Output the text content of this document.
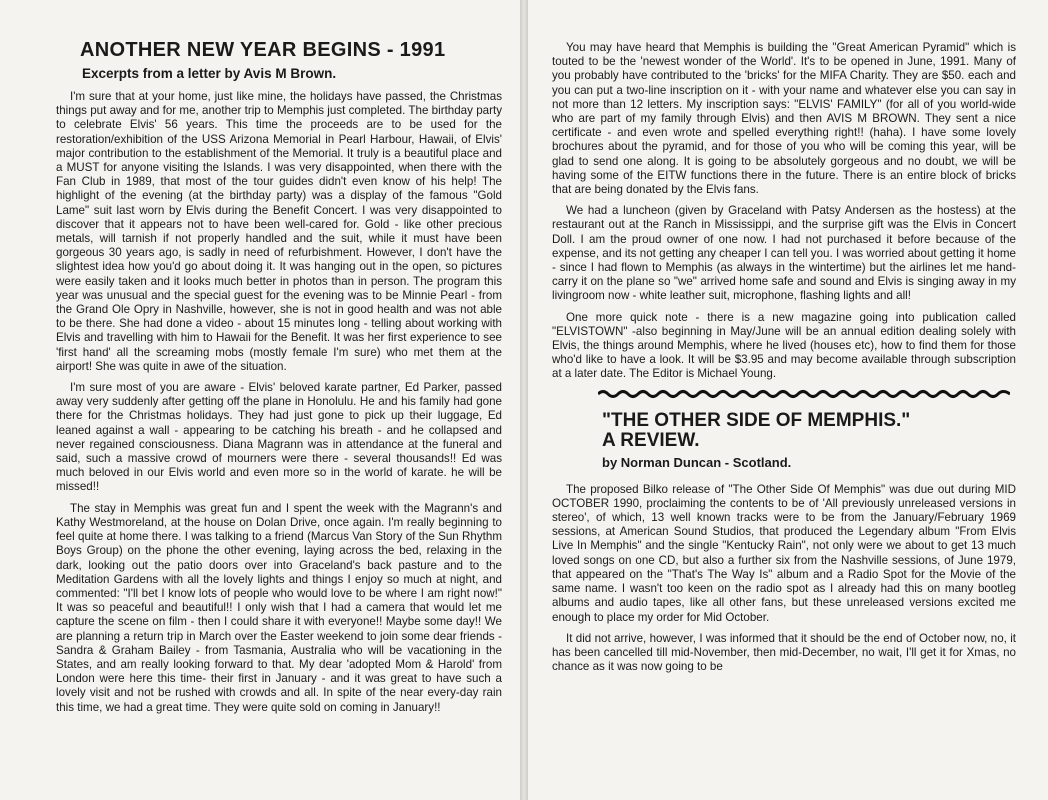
ANOTHER NEW YEAR BEGINS - 1991
Excerpts from a letter by Avis M Brown.

I'm sure that at your home, just like mine, the holidays have passed, the Christmas things put away and for me, another trip to Memphis just completed. The birthday party to celebrate Elvis' 56 years. This time the proceeds are to be used for the restoration/exhibition of the USS Arizona Memorial in Pearl Harbour, Hawaii, of Elvis' major contribution to the establishment of the Memorial. It truly is a beautiful place and a MUST for anyone visiting the Islands. I was very disappointed, when there with the Fan Club in 1989, that most of the tour guides didn't even know of his help! The highlight of the evening (at the birthday party) was a display of the famous "Gold Lame" suit last worn by Elvis during the Benefit Concert. I was very disappointed to discover that it appears not to have been well-cared for. Gold - like other precious metals, will tarnish if not properly handled and the suit, while it must have been gorgeous 30 years ago, is sadly in need of refurbishment. However, I don't have the slightest idea how you'd go about doing it. It was hanging out in the open, so pictures were easily taken and it looks much better in photos than in person. The program this year was unusual and the special guest for the evening was to be Minnie Pearl - from the Grand Ole Opry in Nashville, however, she is not in good health and was not able to be there. She had done a video - about 15 minutes long - telling about working with Elvis and travelling with him to Hawaii for the Benefit. It was her first experience to see 'first hand' all the screaming mobs (mostly female I'm sure) who met them at the airport! She was quite in awe of the situation.

I'm sure most of you are aware - Elvis' beloved karate partner, Ed Parker, passed away very suddenly after getting off the plane in Honolulu. He and his family had gone there for the Christmas holidays. They had just gone to pick up their luggage, Ed leaned against a wall - appearing to be catching his breath - and he collapsed and never regained consciousness. Diana Magrann was in attendance at the funeral and said, such a massive crowd of mourners were there - several thousands!! Ed was much beloved in our Elvis world and even more so in the world of karate. he will be missed!!

The stay in Memphis was great fun and I spent the week with the Magrann's and Kathy Westmoreland, at the house on Dolan Drive, once again. I'm really beginning to feel quite at home there. I was talking to a friend (Marcus Van Story of the Sun Rhythm Boys Group) on the phone the other evening, laying across the bed, relaxing in the dark, looking out the patio doors over into Graceland's back pasture and to the Meditation Gardens with all the lovely lights and things I enjoy so much at night, and commented: "I'll bet I know lots of people who would love to be where I am right now!" It was so peaceful and beautiful!! I only wish that I had a camera that would let me capture the scene on film - then I could share it with everyone!! Maybe some day!! We are planning a return trip in March over the Easter weekend to join some dear friends - Sandra & Graham Bailey - from Tasmania, Australia who will be vacationing in the States, and am really looking forward to that. My dear 'adopted Mom & Harold' from London were here this time- their first in January - and it was great to have such a lovely visit and not be rushed with crowds and all. In spite of the near every-day rain this time, we had a great time. They were quite sold on coming in January!!

You may have heard that Memphis is building the "Great American Pyramid" which is touted to be the 'newest wonder of the World'. It's to be opened in June, 1991. Many of you probably have contributed to the 'bricks' for the MIFA Charity. They are $50. each and you can put a two-line inscription on it - with your name and whatever else you can say in not more than 12 letters. My inscription says: "ELVIS' FAMILY" (for all of you world-wide who are part of my family through Elvis) and then AVIS M BROWN. They sent a nice certificate - and even wrote and spelled everything right!! (haha). I have some lovely brochures about the pyramid, and for those of you who will be coming this year, will be glad to send one along. It is going to be absolutely gorgeous and no doubt, we will be having some of the EITW functions there in the future. There is an entire block of bricks that are being donated by the Elvis fans.

We had a luncheon (given by Graceland with Patsy Andersen as the hostess) at the restaurant out at the Ranch in Mississippi, and the surprise gift was the Elvis in Concert Doll. I am the proud owner of one now. I had not purchased it before because of the expense, and its not getting any cheaper I can tell you. I was worried about getting it home - since I had flown to Memphis (as always in the wintertime) but the airlines let me hand-carry it on the plane so "we" arrived home safe and sound and Elvis is singing away in my livingroom now - white leather suit, microphone, flashing lights and all!

One more quick note - there is a new magazine going into publication called "ELVISTOWN" -also beginning in May/June will be an annual edition dealing solely with Elvis, the things around Memphis, where he lived (houses etc), how to find them for those who'd like to have a look. It will be $3.95 and may become available through subscription at a later date. The Editor is Michael Young.

"THE OTHER SIDE OF MEMPHIS."
A REVIEW.
by Norman Duncan - Scotland.

The proposed Bilko release of "The Other Side Of Memphis" was due out during MID OCTOBER 1990, proclaiming the contents to be of 'All previously unreleased versions in stereo', of which, 13 well known tracks were to be from the January/February 1969 sessions, at American Sound Studios, that produced the Legendary album "From Elvis Live In Memphis" and the single "Kentucky Rain", not only were we about to get 13 much loved songs on one CD, but also a further six from the Nashville sessions, of June 1979, that appeared on the "That's The Way Is" album and a Radio Spot for the Movie of the same name. I wasn't too keen on the radio spot as I already had this on many bootleg albums and audio tapes, like all other fans, but these unreleased versions excited me enough to place my order for Mid October.

It did not arrive, however, I was informed that it should be the end of October now, no, it has been cancelled till mid-November, then mid-December, no wait, I'll get it for Xmas, no chance as it was now going to be
